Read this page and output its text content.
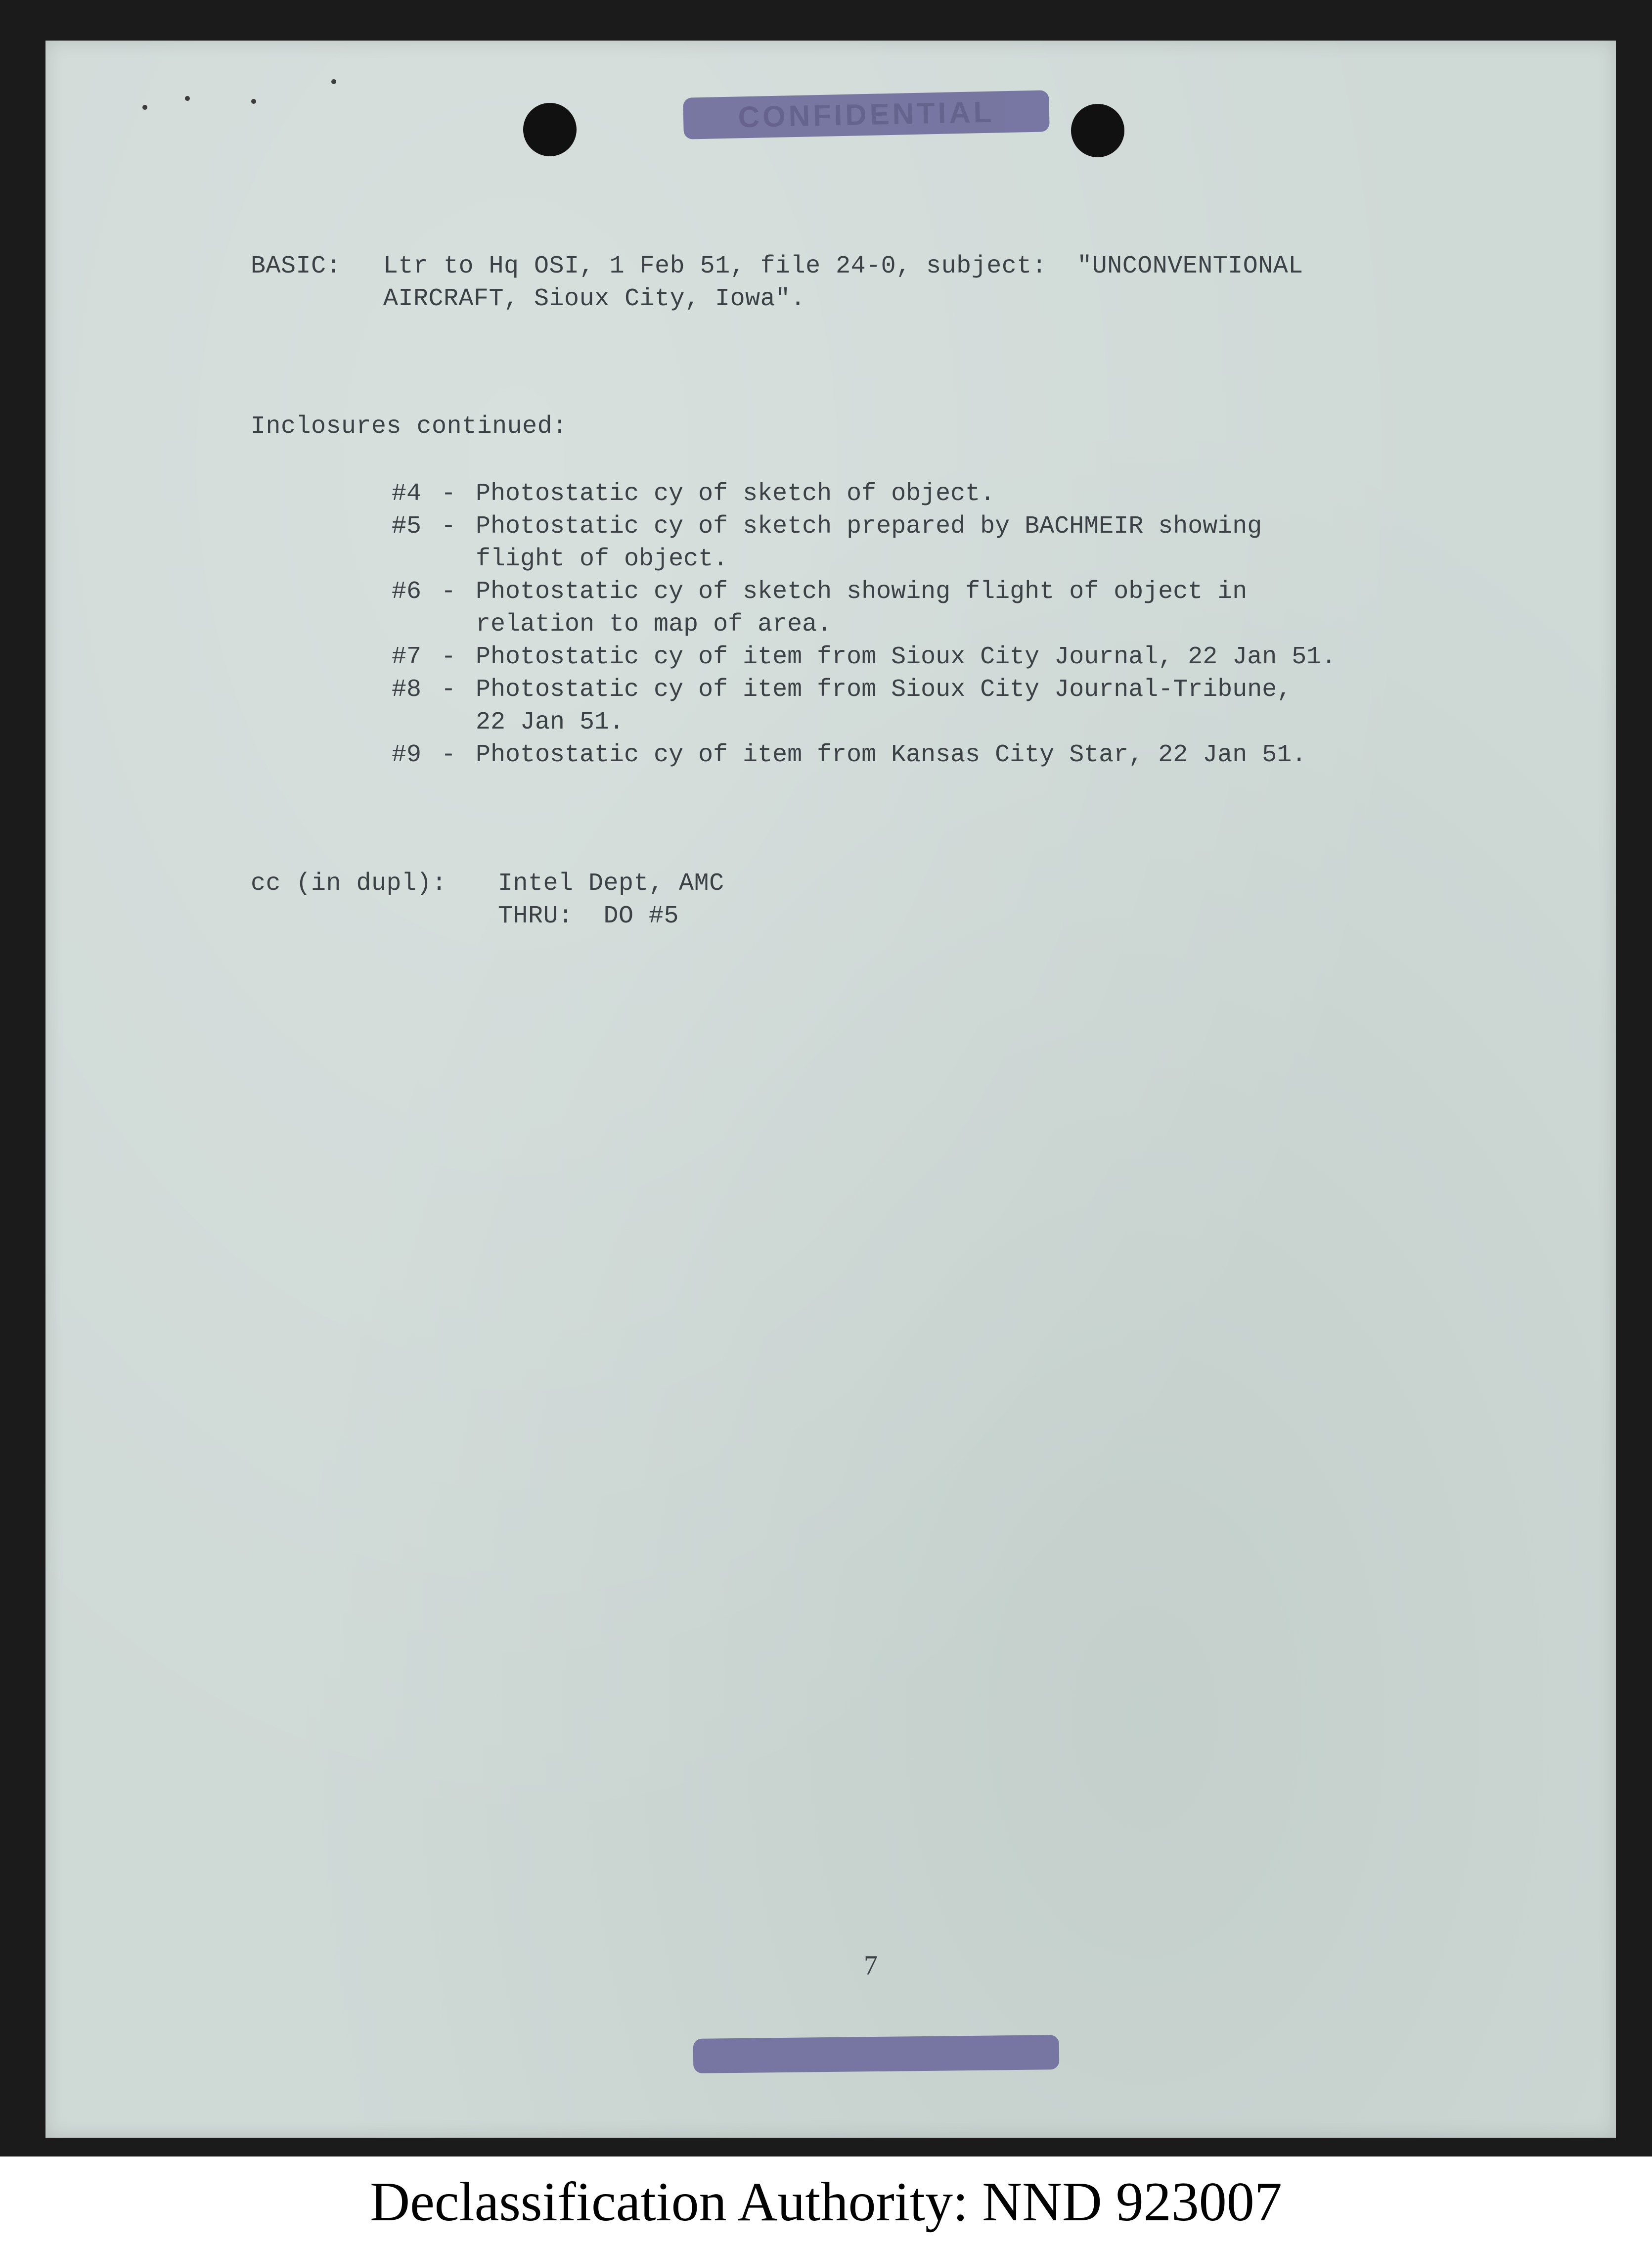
CONFIDENTIAL
BASIC: Ltr to Hq OSI, 1 Feb 51, file 24-0, subject:  "UNCONVENTIONAL
AIRCRAFT, Sioux City, Iowa".
Inclosures continued:
#4 - Photostatic cy of sketch of object.
#5 - Photostatic cy of sketch prepared by BACHMEIR showing
flight of object.
#6 - Photostatic cy of sketch showing flight of object in
relation to map of area.
#7 - Photostatic cy of item from Sioux City Journal, 22 Jan 51.
#8 - Photostatic cy of item from Sioux City Journal-Tribune,
22 Jan 51.
#9 - Photostatic cy of item from Kansas City Star, 22 Jan 51.
cc (in dupl): Intel Dept, AMC
THRU:  DO #5
7
Declassification Authority: NND 923007
